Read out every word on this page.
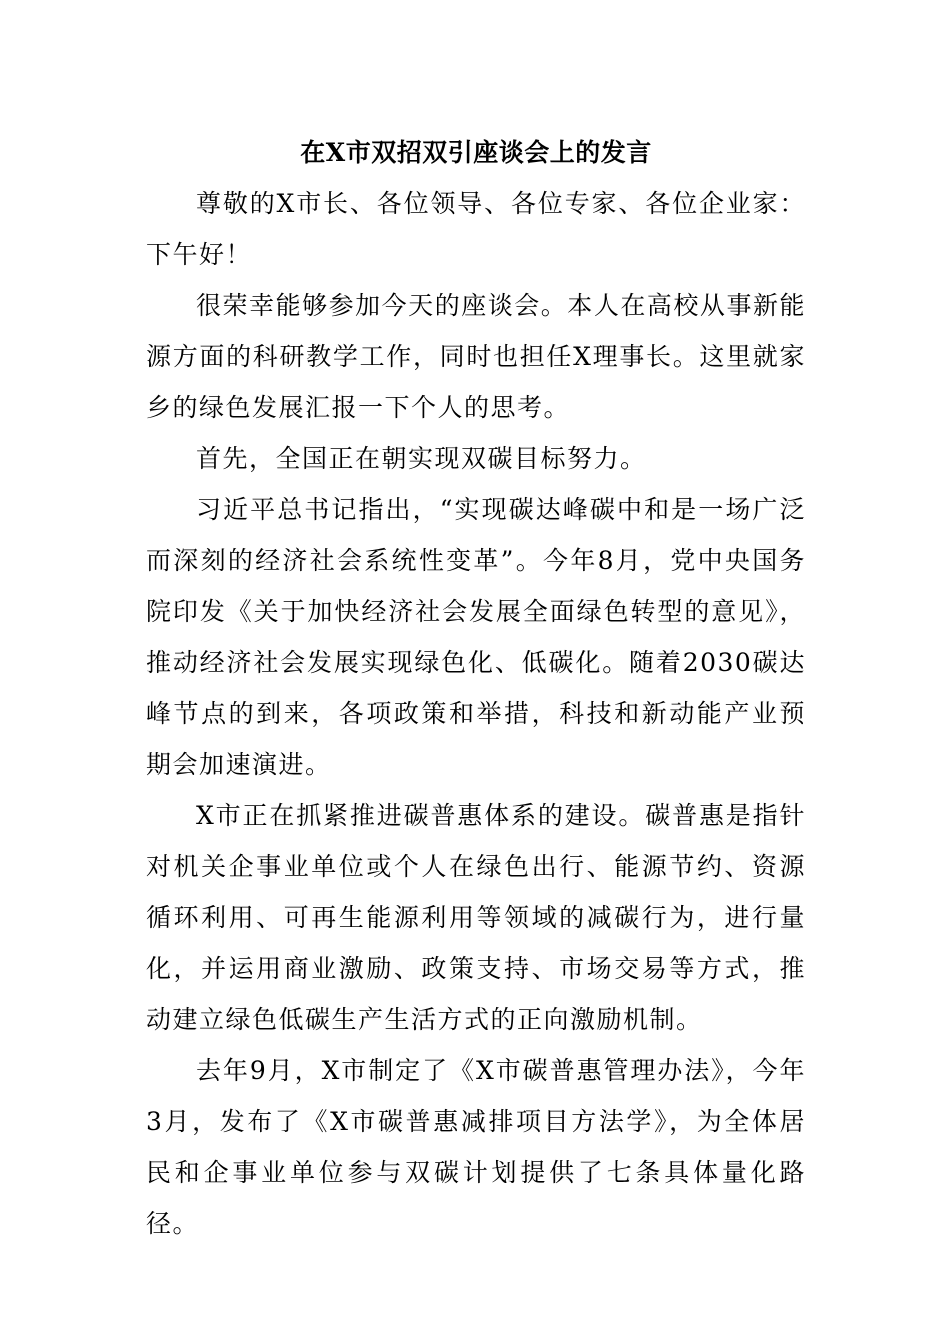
在X市双招双引座谈会上的发言

尊敬的X市长、各位领导、各位专家、各位企业家：下午好！

很荣幸能够参加今天的座谈会。本人在高校从事新能源方面的科研教学工作，同时也担任X理事长。这里就家乡的绿色发展汇报一下个人的思考。

首先，全国正在朝实现双碳目标努力。

习近平总书记指出，“实现碳达峰碳中和是一场广泛而深刻的经济社会系统性变革”。今年8月，党中央国务院印发《关于加快经济社会发展全面绿色转型的意见》，推动经济社会发展实现绿色化、低碳化。随着2030碳达峰节点的到来，各项政策和举措，科技和新动能产业预期会加速演进。

X市正在抓紧推进碳普惠体系的建设。碳普惠是指针对机关企事业单位或个人在绿色出行、能源节约、资源循环利用、可再生能源利用等领域的减碳行为，进行量化，并运用商业激励、政策支持、市场交易等方式，推动建立绿色低碳生产生活方式的正向激励机制。

去年9月，X市制定了《X市碳普惠管理办法》，今年3月，发布了《X市碳普惠减排项目方法学》，为全体居民和企事业单位参与双碳计划提供了七条具体量化路径。
